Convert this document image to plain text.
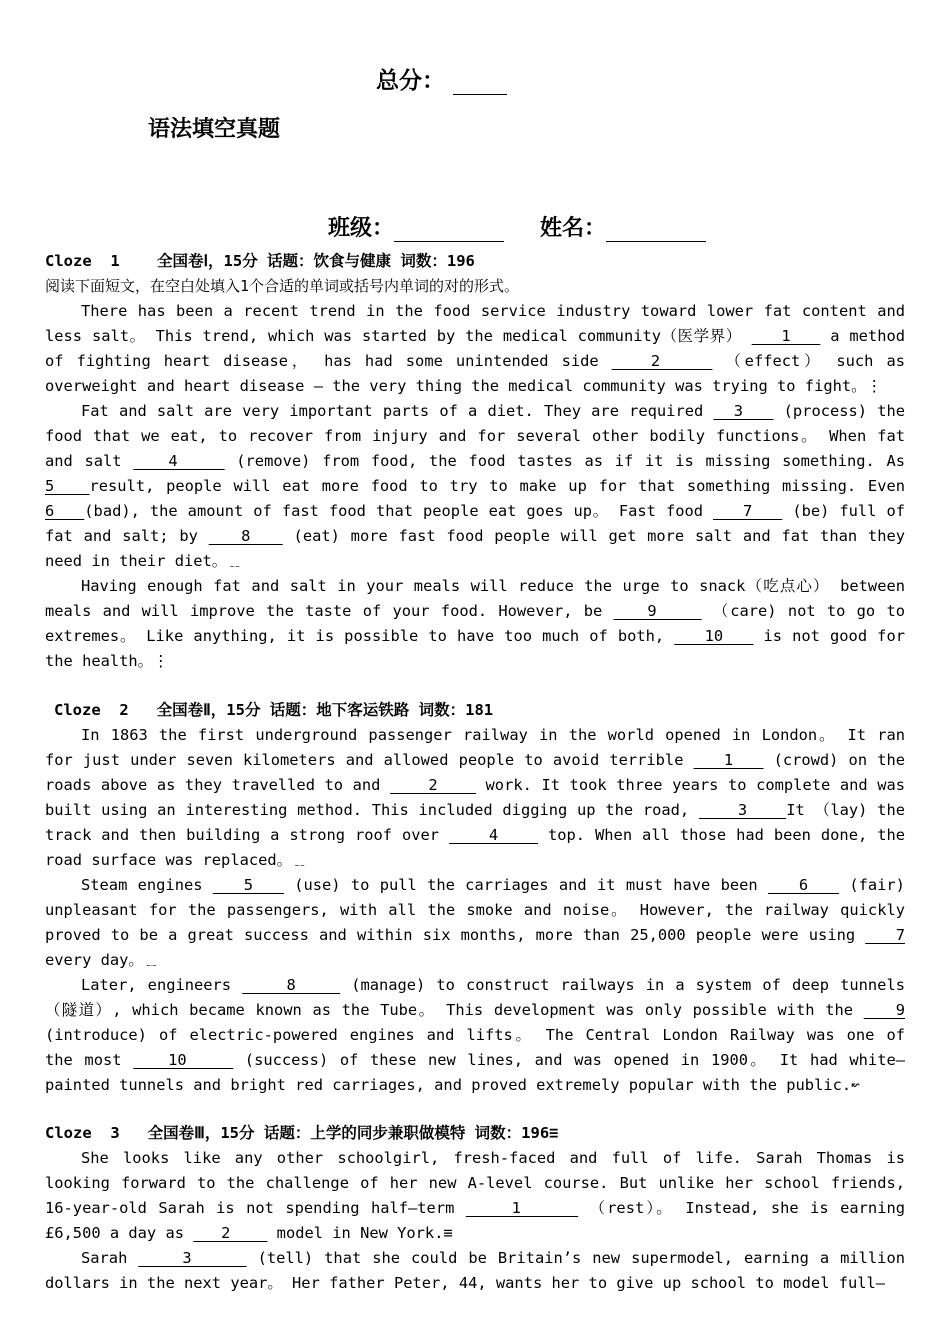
总分：
语法填空真题
班级：	姓名：
Cloze  1    全国卷Ⅰ，15分 话题：饮食与健康 词数：196
阅读下面短文，在空白处填入1个合适的单词或括号内单词的对的形式。
There has been a recent trend in the food service industry toward lower fat content and
less salt。 This trend, which was started by the medical community（医学界）    1    a method
of fighting heart disease， has had some unintended side    2     （effect） such as
overweight and heart disease — the very thing the medical community was trying to fight。⋮
Fat and salt are very important parts of a diet. They are required   3    (process) the
food that we eat, to recover from injury and for several other bodily functions。 When fat
and salt    4     (remove) from food, the food tastes as if it is missing something. As
5   result, people will eat more food to try to make up for that something missing. Even
6   (bad), the amount of fast food that people eat goes up。 Fast food    7    (be) full of
fat and salt; by    8    (eat) more fast food people will get more salt and fat than they
need in their diet。﹎
Having enough fat and salt in your meals will reduce the urge to snack（吃点心） between
meals and will improve the taste of your food. However, be    9     （care) not to go to
extremes。 Like anything, it is possible to have too much of both,    10    is not good for
the health。⋮
Cloze  2   全国卷Ⅱ，15分 话题：地下客运铁路 词数：181
In 1863 the first underground passenger railway in the world opened in London。 It ran
for just under seven kilometers and allowed people to avoid terrible    1    (crowd) on the
roads above as they travelled to and     2     work. It took three years to complete and was
built using an interesting method. This included digging up the road,     3    It （lay) the
track and then building a strong roof over     4     top. When all those had been done, the
road surface was replaced。﹎
Steam engines    5    (use) to pull the carriages and it must have been    6    (fair)
unpleasant for the passengers, with all the smoke and noise。 However, the railway quickly
proved to be a great success and within six months, more than 25,000 people were using    7
every day。﹎
Later, engineers     8     (manage) to construct railways in a system of deep tunnels
（隧道）, which became known as the Tube。 This development was only possible with the    9
(introduce) of electric-powered engines and lifts。 The Central London Railway was one of
the most    10     (success) of these new lines, and was opened in 1900。 It had white—
painted tunnels and bright red carriages, and proved extremely popular with the public.↜
Cloze  3   全国卷Ⅲ，15分 话题：上学的同步兼职做模特 词数：196≡
She looks like any other schoolgirl, fresh-faced and full of life. Sarah Thomas is
looking forward to the challenge of her new A-level course. But unlike her school friends,
16-year-old Sarah is not spending half—term     1      （rest）。 Instead, she is earning
£6,500 a day as    2     model in New York.≡
Sarah     3      (tell) that she could be Britain’s new supermodel, earning a million
dollars in the next year。 Her father Peter, 44, wants her to give up school to model full—
